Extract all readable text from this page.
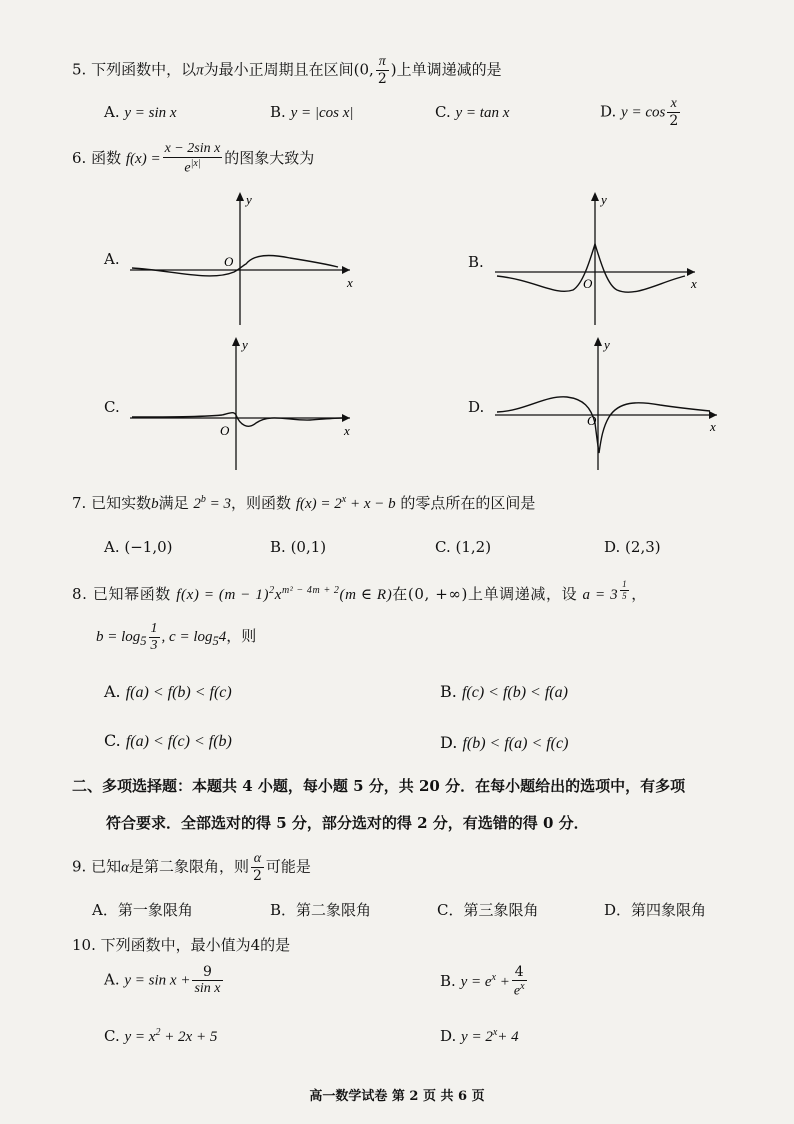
5. 下列函数中，以π为最小正周期且在区间(0, $\frac{\pi}{2}$ )上单调递减的是
A. y = sin x	B. y = |cos x|	C. y = tan x	D. $y = \cos \frac{x}{2}$
6. 函数 $f(x) = \frac{\text{x − 2sin x}}{e^{|x|}}$ 的图象大致为
A.
x
y
O	B.
x
y
O
C.
x
y
O
D.
x
y
O
7. 已知实数b满足 $2^b = 3$，则函数 $f(x) = 2^x + x - b$ 的零点所在的区间是
A. (−1,0)	B. (0,1)	C. (1,2)	D. (2,3)
8. 已知幂函数 $f(x) = (m - 1)^2x^{m^2 - 4m + 2}(m$ ∈ R)在(0, +∞)上单调递减，设 a = 3 $^{\frac{1}{5}}$ ，
$b = \log_5 \frac{1}{3}$ , $c = \log_54$，则
A. f(a) < f(b) < f(c)	B. f(c) < f(b) < f(a)
C. f(a) < f(c) < f(b)	D. f(b) < f(a) < f(c)
二、多项选择题：本题共 4 小题，每小题 5 分，共 20 分．在每小题给出的选项中，有多项
符合要求．全部选对的得 5 分，部分选对的得 2 分，有选错的得 0 分．
9. 已知α是第二象限角，则 $\frac{\alpha}{2}$ 可能是
A．第一象限角	B．第二象限角	C．第三象限角	D．第四象限角
10. 下列函数中，最小值为4的是
A. $y = \sin x + \frac{9}{\text{sin x}}$	B. $y = e^x + \frac{4}{e^x}$
C. $y = x^2 + 2x + 5$	D. $y = 2^x+ 4$
高一数学试卷 第 2 页 共 6 页
